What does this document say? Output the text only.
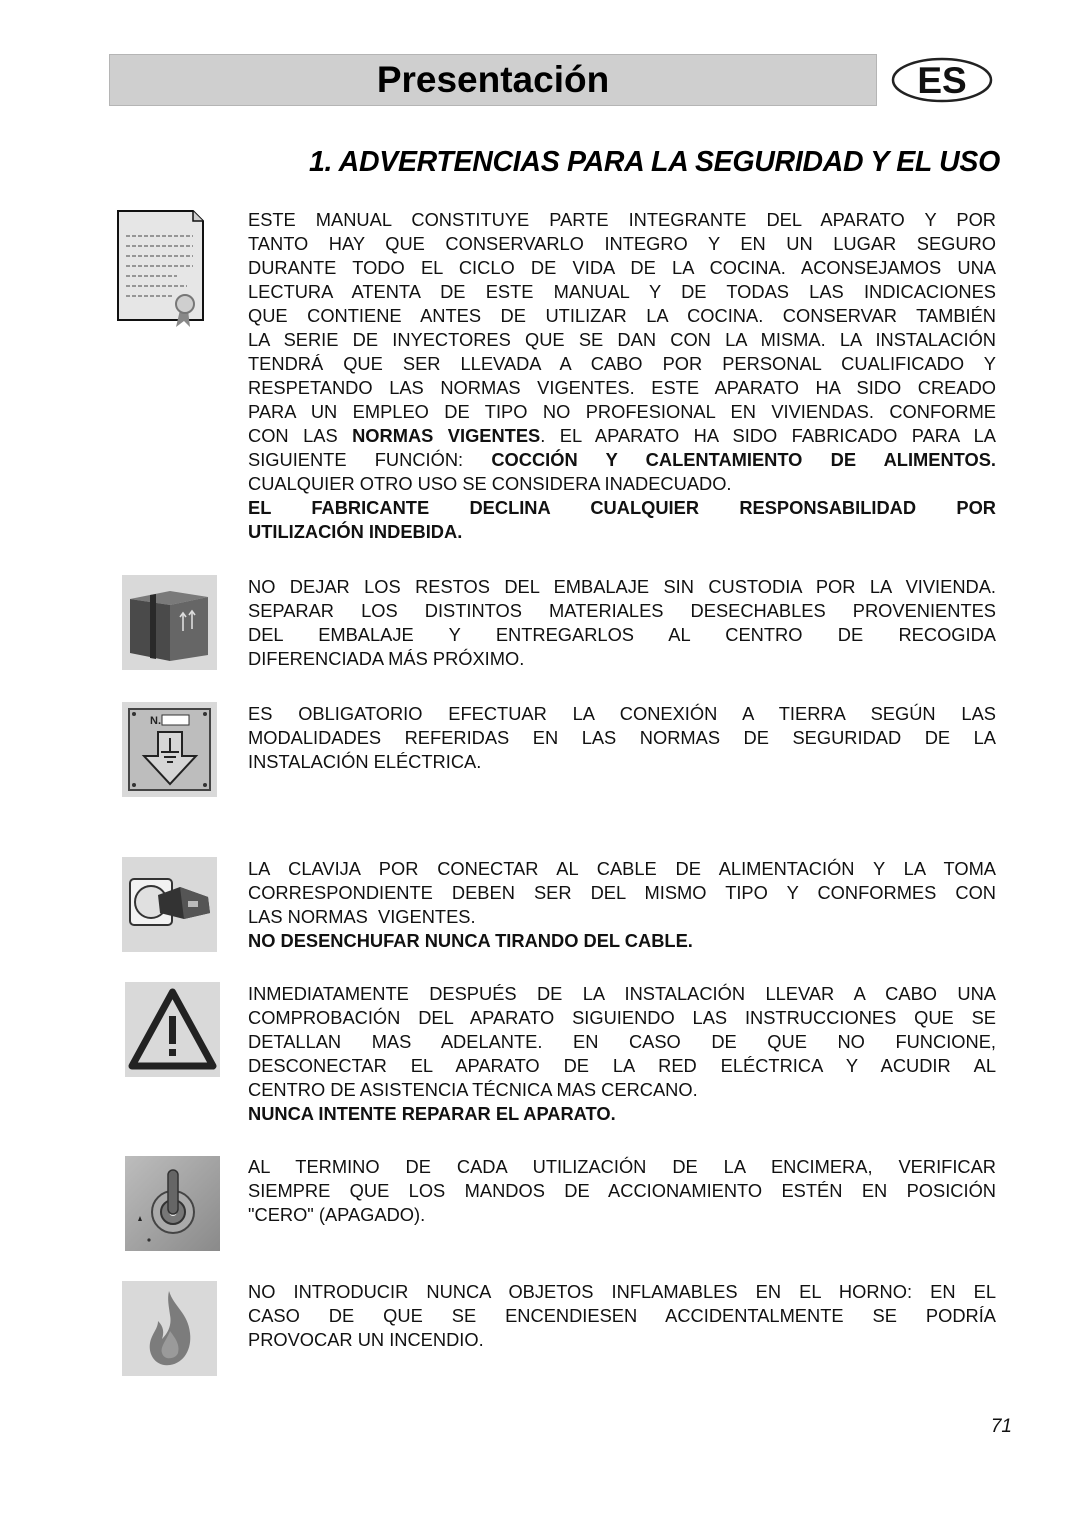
Presentación	ES
1. ADVERTENCIAS PARA LA SEGURIDAD Y EL USO
N.
ESTE MANUAL CONSTITUYE PARTE INTEGRANTE DEL APARATO Y POR
TANTO HAY QUE CONSERVARLO INTEGRO Y EN UN LUGAR SEGURO
DURANTE TODO EL CICLO DE VIDA DE LA COCINA. ACONSEJAMOS UNA
LECTURA ATENTA DE ESTE MANUAL Y DE TODAS LAS INDICACIONES
QUE CONTIENE ANTES DE UTILIZAR LA COCINA. CONSERVAR TAMBIÉN
LA SERIE DE INYECTORES QUE SE DAN CON LA MISMA. LA INSTALACIÓN
TENDRÁ QUE SER LLEVADA A CABO POR PERSONAL CUALIFICADO Y
RESPETANDO LAS NORMAS VIGENTES. ESTE APARATO HA SIDO CREADO
PARA UN EMPLEO DE TIPO NO PROFESIONAL EN VIVIENDAS. CONFORME
CON LAS NORMAS VIGENTES. EL APARATO HA SIDO FABRICADO PARA LA
SIGUIENTE FUNCIÓN: COCCIÓN Y CALENTAMIENTO DE ALIMENTOS.
CUALQUIER OTRO USO SE CONSIDERA INADECUADO.
EL FABRICANTE DECLINA CUALQUIER RESPONSABILIDAD POR
UTILIZACIÓN INDEBIDA.
NO DEJAR LOS RESTOS DEL EMBALAJE SIN CUSTODIA POR LA VIVIENDA.
SEPARAR LOS DISTINTOS MATERIALES DESECHABLES PROVENIENTES
DEL EMBALAJE Y ENTREGARLOS AL CENTRO DE RECOGIDA
DIFERENCIADA MÁS PRÓXIMO.
ES OBLIGATORIO EFECTUAR LA CONEXIÓN A TIERRA SEGÚN LAS
MODALIDADES REFERIDAS EN LAS NORMAS DE SEGURIDAD DE LA
INSTALACIÓN ELÉCTRICA.
LA CLAVIJA POR CONECTAR AL CABLE DE ALIMENTACIÓN Y LA TOMA
CORRESPONDIENTE DEBEN SER DEL MISMO TIPO Y CONFORMES CON
LAS NORMAS  VIGENTES.
NO DESENCHUFAR NUNCA TIRANDO DEL CABLE.
INMEDIATAMENTE DESPUÉS DE LA INSTALACIÓN LLEVAR A CABO UNA
COMPROBACIÓN DEL APARATO SIGUIENDO LAS INSTRUCCIONES QUE SE
DETALLAN MAS ADELANTE. EN CASO DE QUE NO FUNCIONE,
DESCONECTAR EL APARATO DE LA RED ELÉCTRICA Y ACUDIR AL
CENTRO DE ASISTENCIA TÉCNICA MAS CERCANO.
NUNCA INTENTE REPARAR EL APARATO.
AL TERMINO DE CADA UTILIZACIÓN DE LA ENCIMERA, VERIFICAR
SIEMPRE QUE LOS MANDOS DE ACCIONAMIENTO ESTÉN EN POSICIÓN
"CERO" (APAGADO).
NO INTRODUCIR NUNCA OBJETOS INFLAMABLES EN EL HORNO: EN EL
CASO DE QUE SE ENCENDIESEN ACCIDENTALMENTE SE PODRÍA
PROVOCAR UN INCENDIO.
71
